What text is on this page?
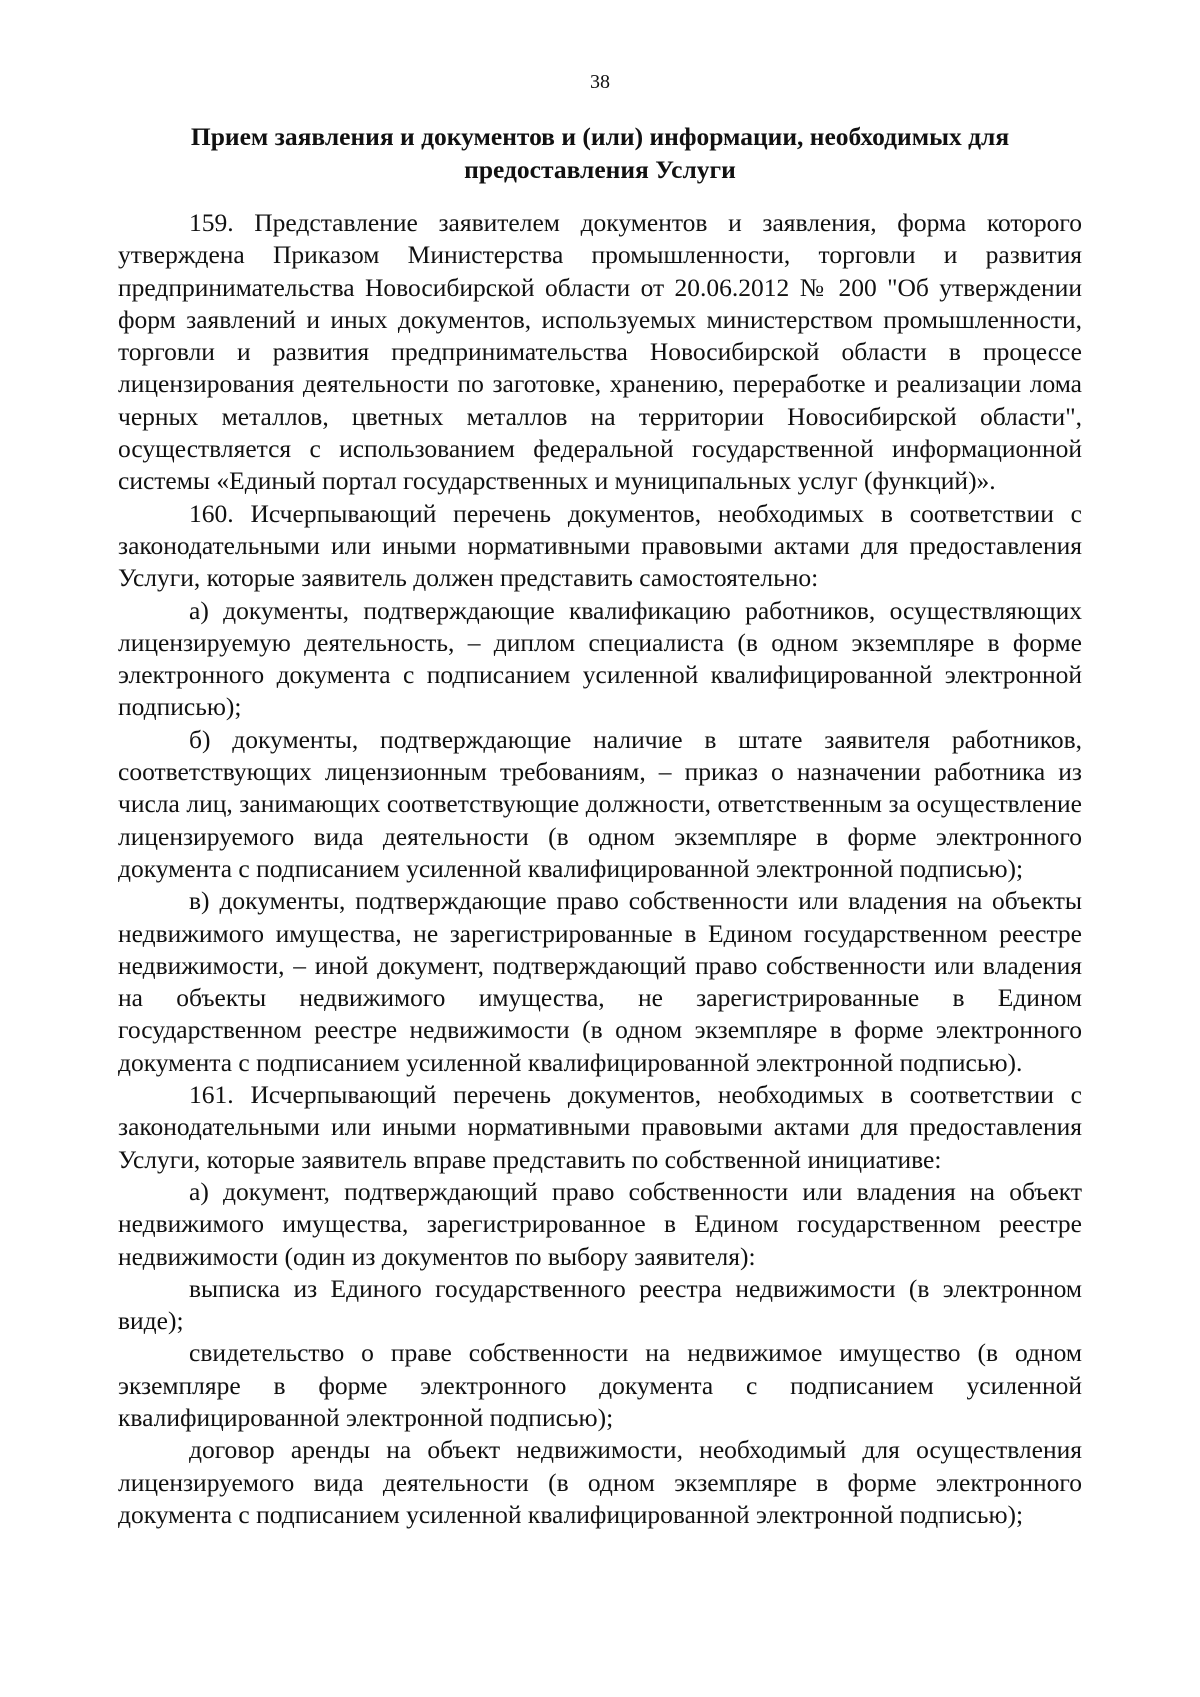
38
Прием заявления и документов и (или) информации, необходимых для
предоставления Услуги

159. Представление заявителем документов и заявления, форма которого утверждена Приказом Министерства промышленности, торговли и развития предпринимательства Новосибирской области от 20.06.2012 № 200 "Об утверждении форм заявлений и иных документов, используемых министерством промышленности, торговли и развития предпринимательства Новосибирской области в процессе лицензирования деятельности по заготовке, хранению, переработке и реализации лома черных металлов, цветных металлов на территории Новосибирской области", осуществляется с использованием федеральной государственной информационной системы «Единый портал государственных и муниципальных услуг (функций)».

160. Исчерпывающий перечень документов, необходимых в соответствии с законодательными или иными нормативными правовыми актами для предоставления Услуги, которые заявитель должен представить самостоятельно:

а) документы, подтверждающие квалификацию работников, осуществляющих лицензируемую деятельность, – диплом специалиста (в одном экземпляре в форме электронного документа с подписанием усиленной квалифицированной электронной подписью);

б) документы, подтверждающие наличие в штате заявителя работников, соответствующих лицензионным требованиям, – приказ о назначении работника из числа лиц, занимающих соответствующие должности, ответственным за осуществление лицензируемого вида деятельности (в одном экземпляре в форме электронного документа с подписанием усиленной квалифицированной электронной подписью);

в) документы, подтверждающие право собственности или владения на объекты недвижимого имущества, не зарегистрированные в Едином государственном реестре недвижимости, – иной документ, подтверждающий право собственности или владения на объекты недвижимого имущества, не зарегистрированные в Едином государственном реестре недвижимости (в одном экземпляре в форме электронного документа с подписанием усиленной квалифицированной электронной подписью).

161. Исчерпывающий перечень документов, необходимых в соответствии с законодательными или иными нормативными правовыми актами для предоставления Услуги, которые заявитель вправе представить по собственной инициативе:

а) документ, подтверждающий право собственности или владения на объект недвижимого имущества, зарегистрированное в Едином государственном реестре недвижимости (один из документов по выбору заявителя):

выписка из Единого государственного реестра недвижимости (в электронном виде);

свидетельство о праве собственности на недвижимое имущество (в одном экземпляре в форме электронного документа с подписанием усиленной квалифицированной электронной подписью);

договор аренды на объект недвижимости, необходимый для осуществления лицензируемого вида деятельности (в одном экземпляре в форме электронного документа с подписанием усиленной квалифицированной электронной подписью);
